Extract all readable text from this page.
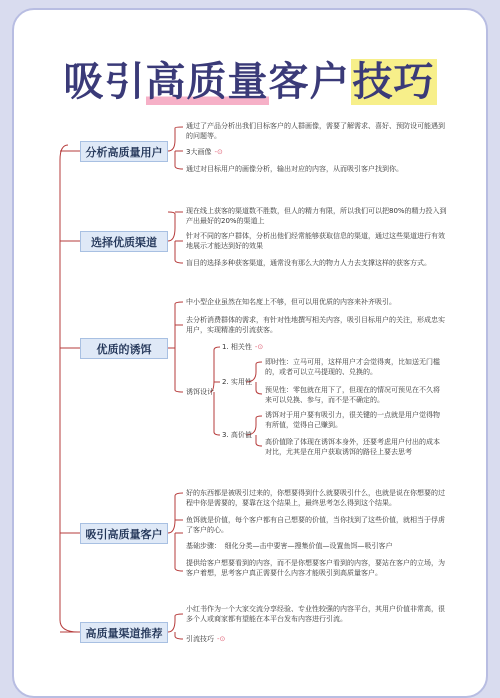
吸引高质量客户技巧
分析高质量用户
选择优质渠道
优质的诱饵
吸引高质量客户
高质量渠道推荐
通过了产品分析出我们目标客户的人群画像，需要了解需求、喜好、预防设可能遇到的问题等。
3大画像 -⊙
通过对目标用户的画像分析，输出对应的内容，从而吸引客户找到你。
现在线上获客的渠道数不胜数，但人的精力有限，所以我们可以把80%的精力投入到产出最好的20%的渠道上
针对不同的客户群体，分析出他们经常能够获取信息的渠道，通过这些渠道进行有效地展示才能达到好的效果
盲目的选择多种获客渠道，通常没有那么大的物力人力去支撑这样的获客方式。
中小型企业虽然在知名度上不够，但可以用优质的内容来补齐吸引。
去分析消费群体的需求，有针对性地撰写相关内容，吸引目标用户的关注，形成忠实用户，实现精准的引流获客。
诱饵设计
1. 相关性 -⊙
2. 实用性
3. 高价值
即时性：立马可用，这样用户才会觉得爽，比如送无门槛的，或者可以立马提现的、兑换的。
预见性：零包就在用下了，但现在的情况可预见在不久将来可以兑换、参与，而不是不确定的。
诱饵对于用户要有吸引力，很关键的一点就是用户觉得物有所值，觉得自己赚到。
高价值除了体现在诱饵本身外，还要考虑用户付出的成本对比，尤其是在用户获取诱饵的路径上要去思考
好的东西都是被吸引过来的，你想要得到什么就要吸引什么，也就是说在你想要的过程中你是需要的，要靠在这个结果上，最终思考怎么得到这个结果。
鱼饵就是价值，每个客户都有自己想要的价值，当你找到了这些价值，就相当于俘虏了客户的心。
基础步骤：　细化分类—击中要害—搜集价值—设置鱼饵—吸引客户
提供给客户想要看到的内容，而不是你想要客户看到的内容，要站在客户的立场，为客户着想，思考客户真正需要什么内容才能吸引到高质量客户。
小红书作为一个大家交流分享经验、专业性较强的内容平台，其用户价值非常高，很多个人或商家都有望能在本平台发布内容进行引流。
引流技巧 -⊙
